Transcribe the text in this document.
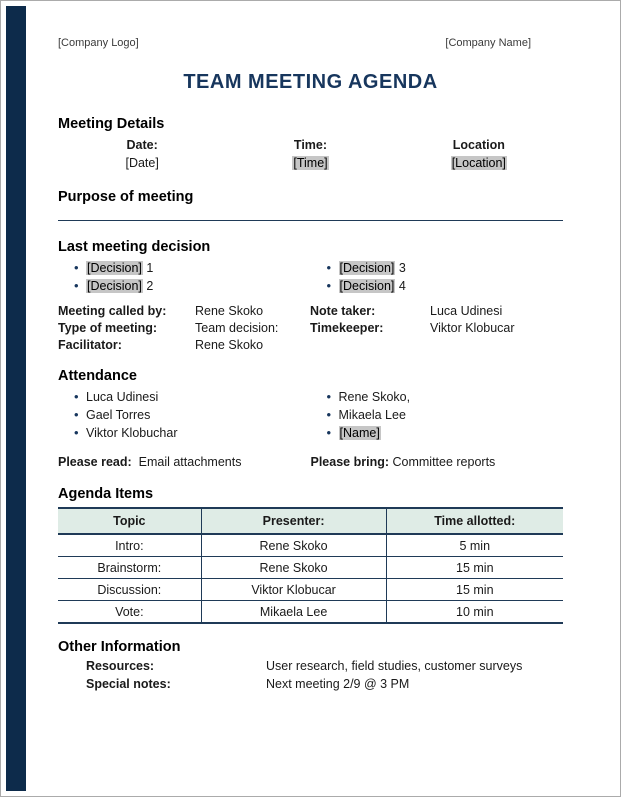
[Company Logo]	[Company Name]
TEAM MEETING AGENDA
Meeting Details
Date:	Time:	Location
[Date]	[Time]	[Location]
Purpose of meeting
Last meeting decision
• [Decision] 1
• [Decision] 2
• [Decision] 3
• [Decision] 4
Meeting called by:	Rene Skoko	Note taker:	Luca Udinesi
Type of meeting:	Team decision:	Timekeeper:	Viktor Klobucar
Facilitator:	Rene Skoko
Attendance
• Luca Udinesi
• Gael Torres
• Viktor Klobuchar
• Rene Skoko,
• Mikaela Lee
• [Name]
Please read: Email attachments	Please bring: Committee reports
Agenda Items
Topic	Presenter:	Time allotted:
Intro:	Rene Skoko	5 min
Brainstorm:	Rene Skoko	15 min
Discussion:	Viktor Klobucar	15 min
Vote:	Mikaela Lee	10 min
Other Information
Resources:	User research, field studies, customer surveys
Special notes:	Next meeting 2/9 @ 3 PM
